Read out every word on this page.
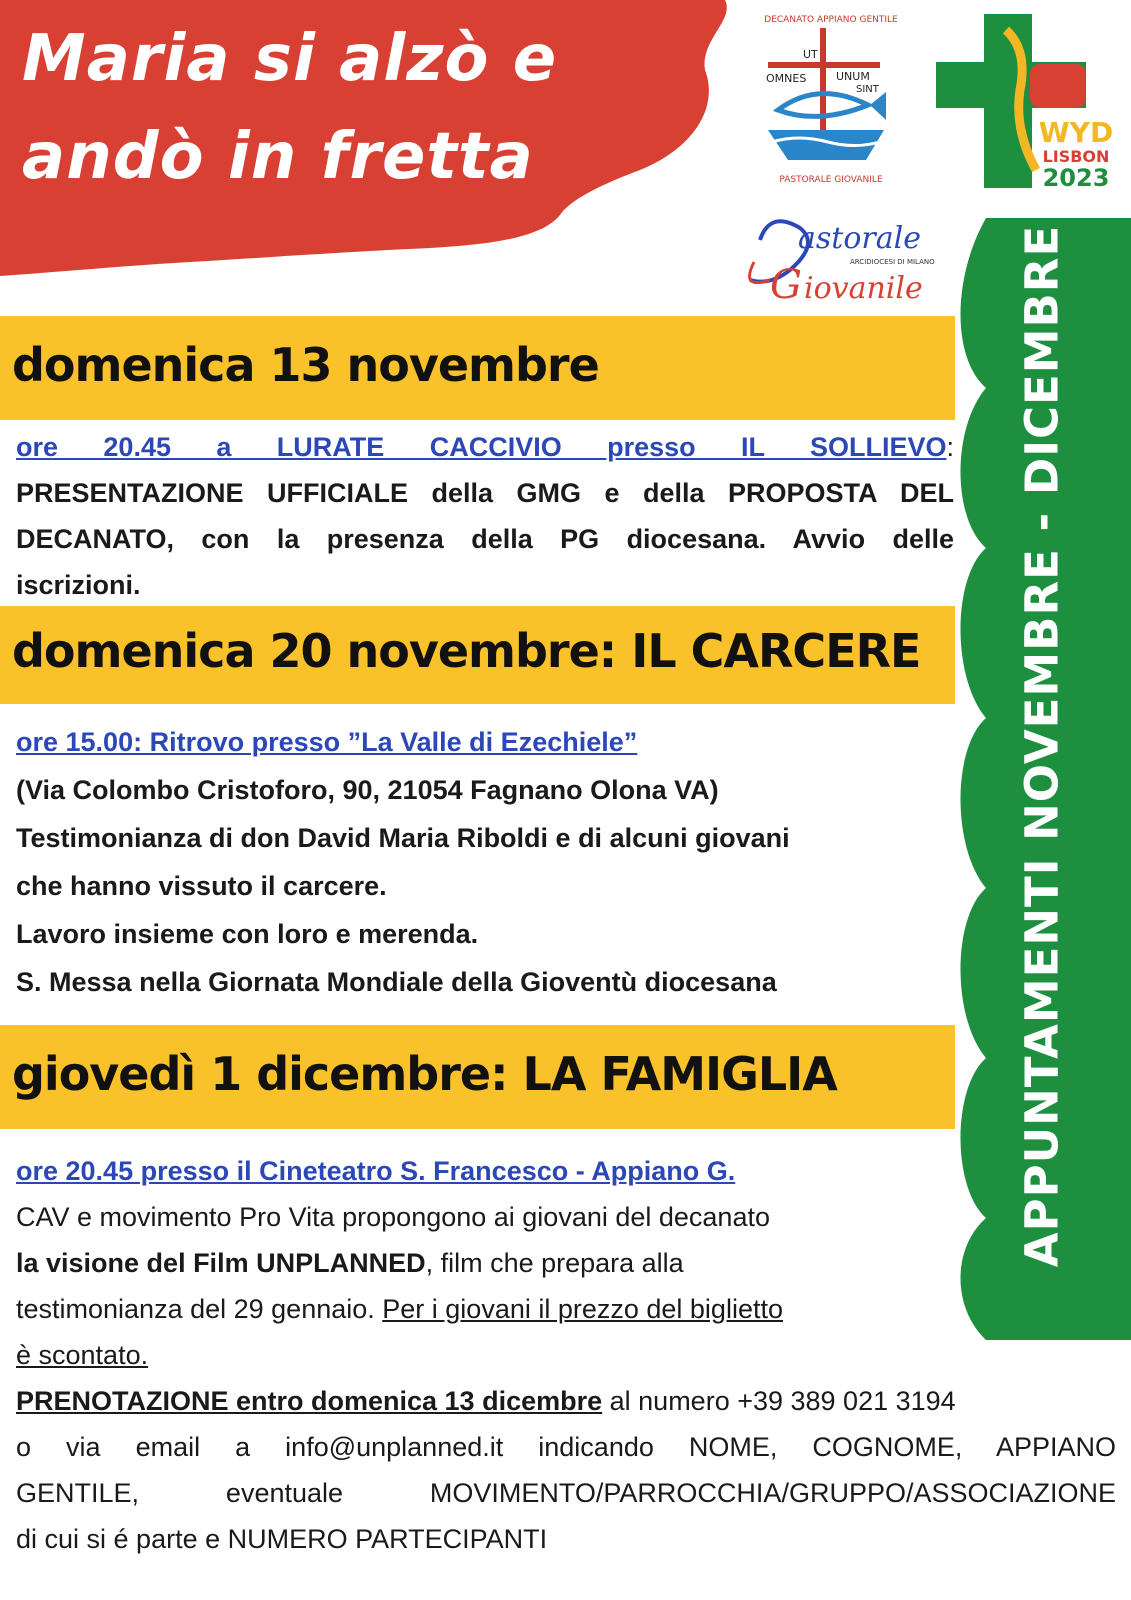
Maria si alzò e
andò in fretta
DECANATO APPIANO GENTILE
UT
OMNES	UNUM
SINT
PASTORALE GIOVANILE
WYD
LISBON
2023
astorale
ARCIDIOCESI DI MILANO
G iovanile APPUNTAMENTI NOVEMBRE - DICEMBRE
domenica 13 novembre
ore 20.45 a LURATE CACCIVIO presso IL SOLLIEVO:
PRESENTAZIONE UFFICIALE della GMG e della PROPOSTA DEL
DECANATO, con la presenza della PG diocesana. Avvio delle
iscrizioni.
domenica 20 novembre: IL CARCERE
ore 15.00: Ritrovo presso ”La Valle di Ezechiele”
(Via Colombo Cristoforo, 90, 21054 Fagnano Olona VA)
Testimonianza di don David Maria Riboldi e di alcuni giovani
che hanno vissuto il carcere.
Lavoro insieme con loro e merenda.
S. Messa nella Giornata Mondiale della Gioventù diocesana
giovedì 1 dicembre: LA FAMIGLIA
ore 20.45 presso il Cineteatro S. Francesco - Appiano G.
CAV e movimento Pro Vita propongono ai giovani del decanato
la visione del Film UNPLANNED, film che prepara alla
testimonianza del 29 gennaio. Per i giovani il prezzo del biglietto
è scontato.
PRENOTAZIONE entro domenica 13 dicembre al numero +39 389 021 3194
o via email a info@unplanned.it indicando NOME, COGNOME, APPIANO
GENTILE, eventuale MOVIMENTO/PARROCCHIA/GRUPPO/ASSOCIAZIONE
di cui si é parte e NUMERO PARTECIPANTI
